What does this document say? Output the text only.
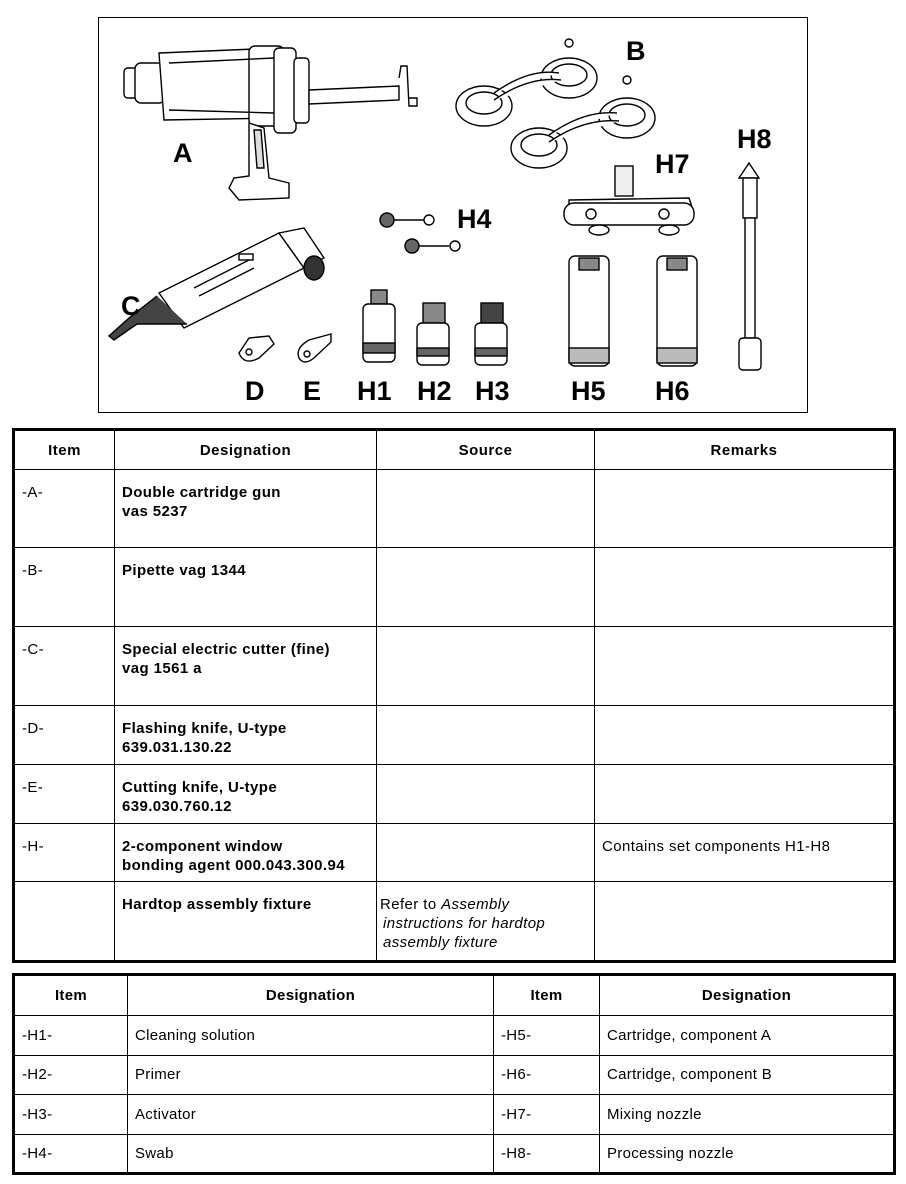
A
B
C
D E H1 H2 H3
H4
H5 H6
H7
H8
Item	Designation	Source	Remarks
-A-	Double cartridge gun
vas 5237		

-B-	Pipette vag 1344		

-C-	Special electric cutter (fine)
vag 1561 a		

-D-	Flashing knife, U-type
639.031.130.22		

-E-	Cutting knife, U-type
639.030.760.12		

-H-	2-component window
bonding agent 000.043.300.94		Contains set components H1-H8

	Hardtop assembly fixture	Refer to Assembly
instructions for hardtop
assembly fixture	

Item	Designation	Item	Designation
-H1-	Cleaning solution	-H5-	Cartridge, component A
-H2-	Primer	-H6-	Cartridge, component B
-H3-	Activator	-H7-	Mixing nozzle
-H4-	Swab	-H8-	Processing nozzle
